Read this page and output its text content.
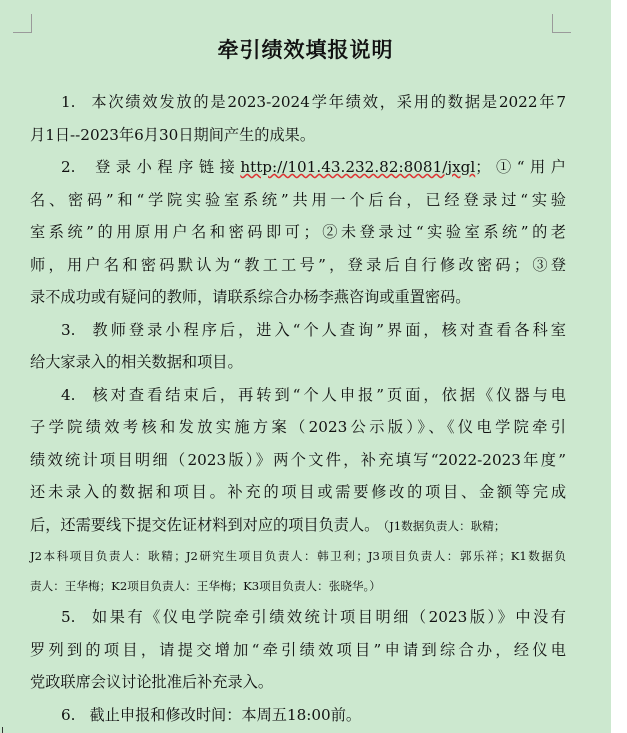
牵引绩效填报说明
1. 本次绩效发放的是2023-2024学年绩效，采用的数据是2022年7
月1日--2023年6月30日期间产生的成果。
2. 登录小程序链接http://101.43.232.82:8081/jxgl；①“用户
名、密码”和“学院实验室系统”共用一个后台，已经登录过“实验
室系统”的用原用户名和密码即可；②未登录过“实验室系统”的老
师，用户名和密码默认为“教工工号”，登录后自行修改密码；③登
录不成功或有疑问的教师，请联系综合办杨李燕咨询或重置密码。
3. 教师登录小程序后，进入“个人查询”界面，核对查看各科室
给大家录入的相关数据和项目。
4. 核对查看结束后，再转到“个人申报”页面，依据《仪器与电
子学院绩效考核和发放实施方案（2023公示版）》、《仪电学院牵引
绩效统计项目明细（2023版）》两个文件，补充填写“2022-2023年度”
还未录入的数据和项目。补充的项目或需要修改的项目、金额等完成
后，还需要线下提交佐证材料到对应的项目负责人。 （J1数据负责人：耿精；
J2本科项目负责人：耿精；J2研究生项目负责人：韩卫利；J3项目负责人：郭乐祥；K1数据负
责人：王华梅；K2项目负责人：王华梅；K3项目负责人：张晓华。）
5. 如果有《仪电学院牵引绩效统计项目明细（2023版）》中没有
罗列到的项目，请提交增加“牵引绩效项目”申请到综合办，经仪电
党政联席会议讨论批准后补充录入。
6. 截止申报和修改时间：本周五18:00前。
